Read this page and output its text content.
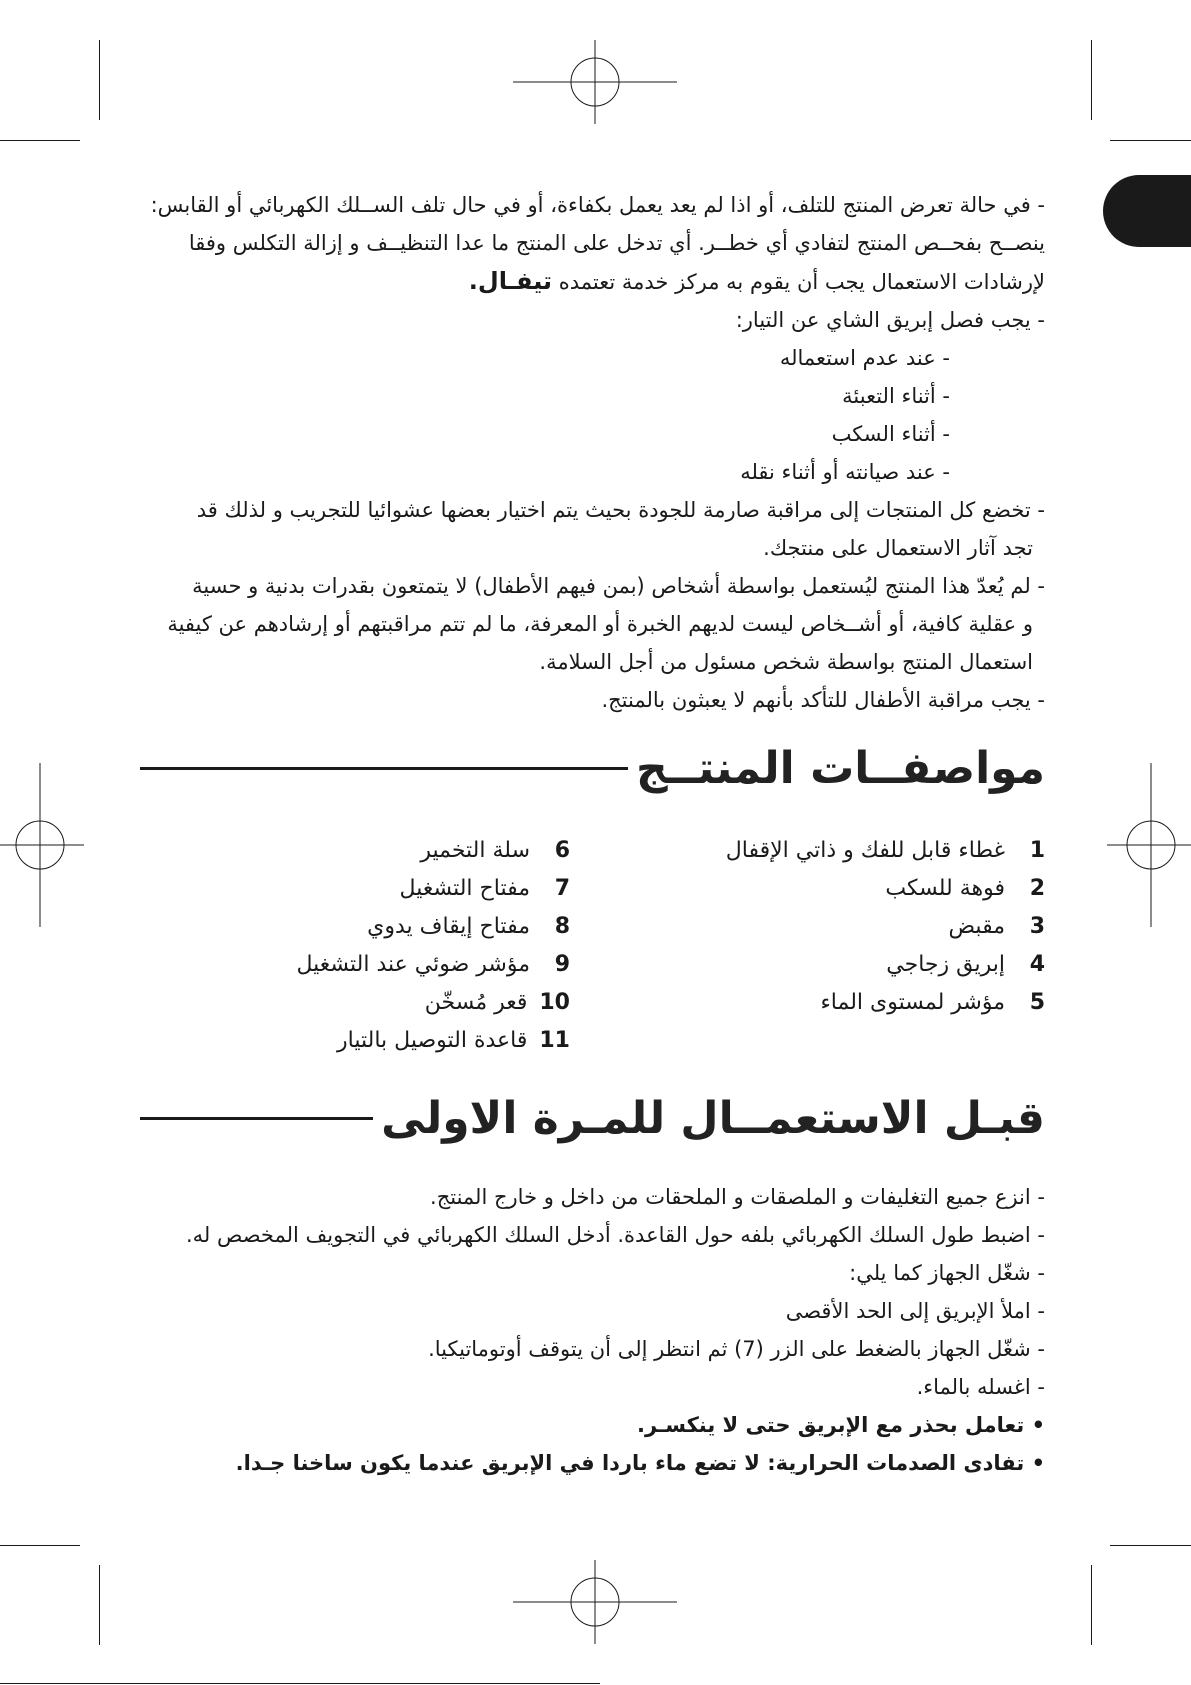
- في حالة تعرض المنتج للتلف، أو اذا لم يعد يعمل بكفاءة، أو في حال تلف الســلك الكهربائي أو القابس:

ينصــح بفحــص المنتج لتفادي أي خطــر. أي تدخل على المنتج ما عدا التنظيــف و إزالة التكلس وفقا

لإرشادات الاستعمال يجب أن يقوم به مركز خدمة تعتمده تيفـال.

- يجب فصل إبريق الشاي عن التيار:

- عند عدم استعماله

- أثناء التعبئة

- أثناء السكب

- عند صيانته أو أثناء نقله

- تخضع كل المنتجات إلى مراقبة صارمة للجودة بحيث يتم اختيار بعضها عشوائيا للتجريب و لذلك قد

تجد آثار الاستعمال على منتجك.

- لم يُعدّ هذا المنتج ليُستعمل بواسطة أشخاص (بمن فيهم الأطفال) لا يتمتعون بقدرات بدنية و حسية

و عقلية كافية، أو أشــخاص ليست لديهم الخبرة أو المعرفة، ما لم تتم مراقبتهم أو إرشادهم عن كيفية

استعمال المنتج بواسطة شخص مسئول من أجل السلامة.

- يجب مراقبة الأطفال للتأكد بأنهم لا يعبثون بالمنتج.

مواصفــات المنتــج
1غطاء قابل للفك و ذاتي الإقفال
2فوهة للسكب
3مقبض
4إبريق زجاجي
5مؤشر لمستوى الماء
6سلة التخمير
7مفتاح التشغيل
8مفتاح إيقاف يدوي
9مؤشر ضوئي عند التشغيل
10قعر مُسخّن
11قاعدة التوصيل بالتيار
قبـل الاستعمــال للمـرة الاولى

- انزع جميع التغليفات و الملصقات و الملحقات من داخل و خارج المنتج.

- اضبط طول السلك الكهربائي بلفه حول القاعدة. أدخل السلك الكهربائي في التجويف المخصص له.

- شغّل الجهاز كما يلي:

- املأ الإبريق إلى الحد الأقصى

- شغّل الجهاز بالضغط على الزر (7) ثم انتظر إلى أن يتوقف أوتوماتيكيا.

- اغسله بالماء.

• تعامل بحذر مع الإبريق حتى لا ينكسـر.

• تفادى الصدمات الحرارية: لا تضع ماء باردا في الإبريق عندما يكون ساخنا جـدا.
